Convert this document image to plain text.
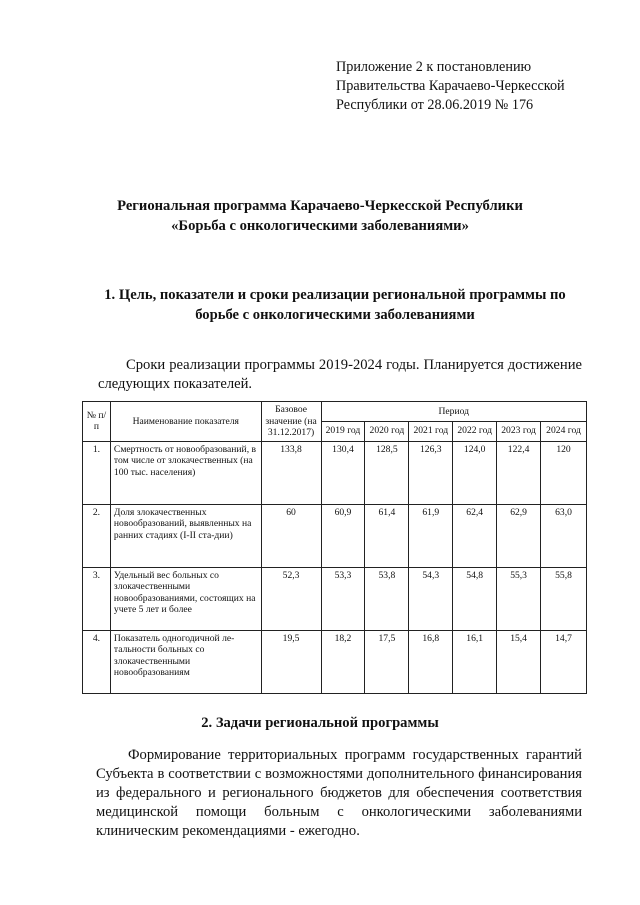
Приложение 2 к постановлению
Правительства Карачаево-Черкесской
Республики от 28.06.2019 № 176
Региональная программа Карачаево-Черкесской Республики
«Борьба с онкологическими заболеваниями»
1. Цель, показатели и сроки реализации региональной программы по
борьбе с онкологическими заболеваниями
Сроки реализации программы 2019-2024 годы. Планируется достижение следующих показателей.
№ п/п	Наименование показателя	Базовое значение (на 31.12.2017)	Период					
			2019 год	2020 год	2021 год	2022 год	2023 год	2024 год
1.	Смертность от новообразований, в том числе от злокачественных (на 100 тыс. населения)	133,8	130,4	128,5	126,3	124,0	122,4	120
2.	Доля злокачественных новообразований, выявленных на ранних стадиях (I-II ста-дии)	60	60,9	61,4	61,9	62,4	62,9	63,0
3.	Удельный вес больных со злокачественными новообразованиями, состоящих на учете 5 лет и более	52,3	53,3	53,8	54,3	54,8	55,3	55,8
4.	Показатель одногодичной ле-тальности больных со злокачественными новообразованиям	19,5	18,2	17,5	16,8	16,1	15,4	14,7
2. Задачи региональной программы
Формирование территориальных программ государственных гарантий Субъекта в соответствии с возможностями дополнительного финансирования из федерального и регионального бюджетов для обеспечения соответствия медицинской помощи больным с онкологическими заболеваниями клиническим рекомендациями - ежегодно.
